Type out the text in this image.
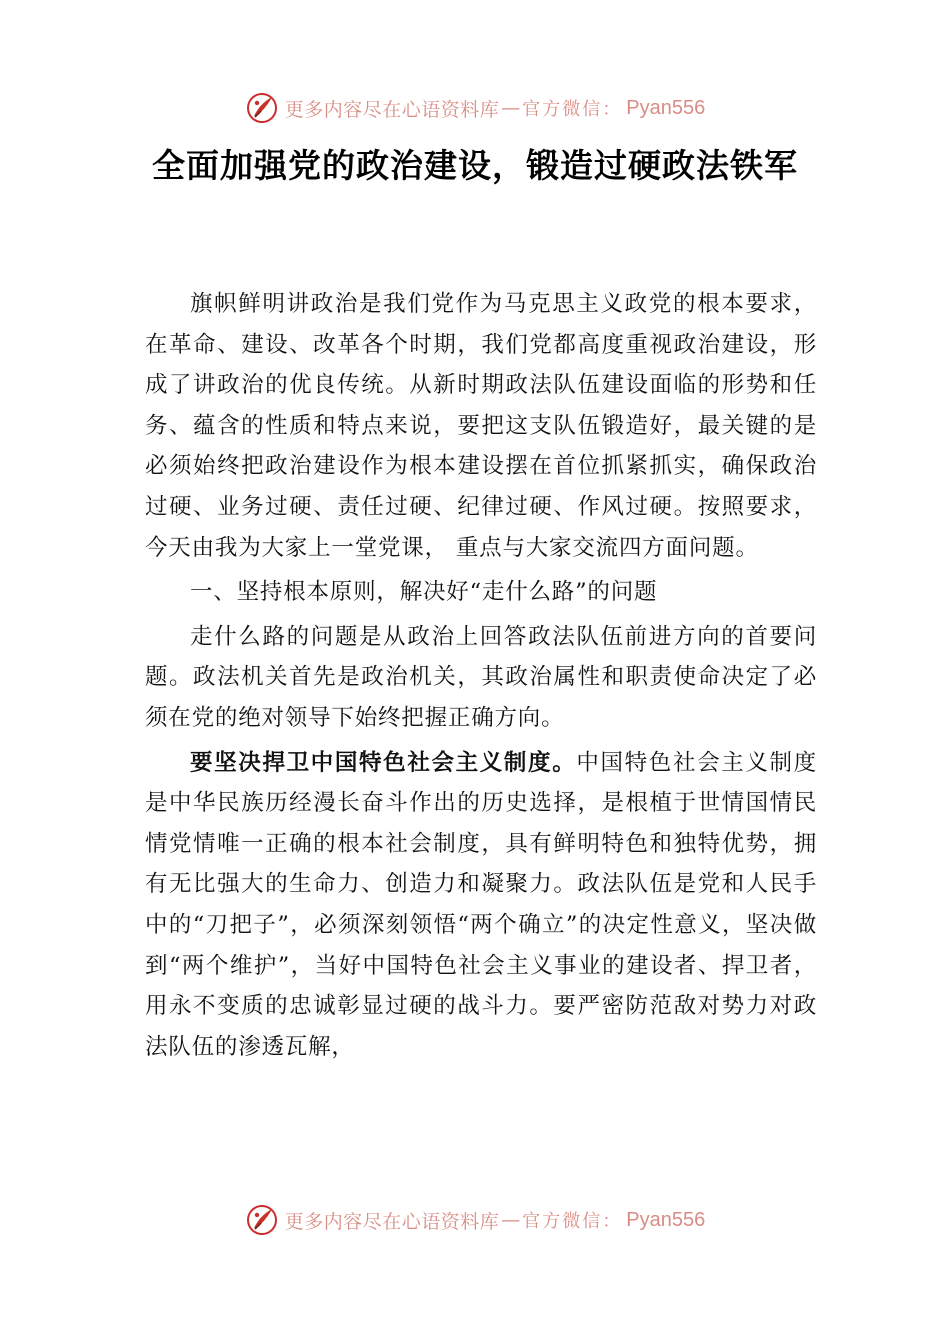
更多内容尽在心语资料库 — 官方微信： Pyan556
全面加强党的政治建设，锻造过硬政法铁军

旗帜鲜明讲政治是我们党作为马克思主义政党的根本要求，在革命、建设、改革各个时期，我们党都高度重视政治建设，形成了讲政治的优良传统。从新时期政法队伍建设面临的形势和任务、蕴含的性质和特点来说，要把这支队伍锻造好，最关键的是必须始终把政治建设作为根本建设摆在首位抓紧抓实，确保政治过硬、业务过硬、责任过硬、纪律过硬、作风过硬。按照要求，今天由我为大家上一堂党课， 重点与大家交流四方面问题。

一、坚持根本原则，解决好“走什么路”的问题

走什么路的问题是从政治上回答政法队伍前进方向的首要问题。政法机关首先是政治机关，其政治属性和职责使命决定了必须在党的绝对领导下始终把握正确方向。

要坚决捍卫中国特色社会主义制度。中国特色社会主义制度是中华民族历经漫长奋斗作出的历史选择，是根植于世情国情民情党情唯一正确的根本社会制度，具有鲜明特色和独特优势，拥有无比强大的生命力、创造力和凝聚力。政法队伍是党和人民手中的“刀把子”，必须深刻领悟“两个确立”的决定性意义，坚决做到“两个维护”，当好中国特色社会主义事业的建设者、捍卫者，用永不变质的忠诚彰显过硬的战斗力。要严密防范敌对势力对政法队伍的渗透瓦解，

更多内容尽在心语资料库 — 官方微信： Pyan556
